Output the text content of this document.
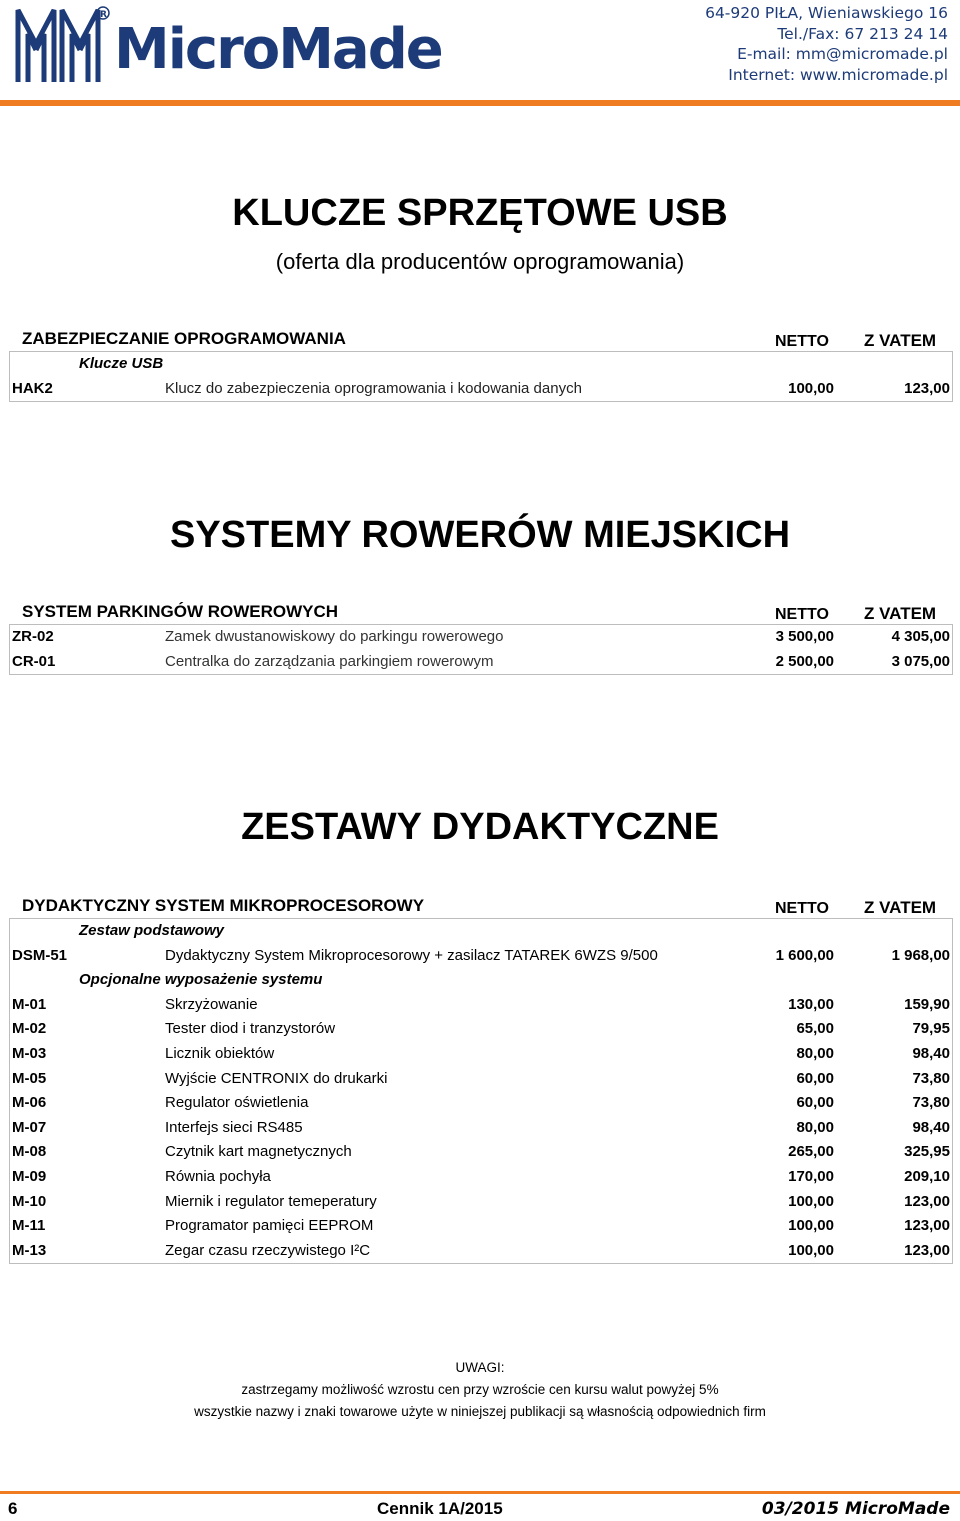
R
MicroMade
64-920 PIŁA, Wieniawskiego 16
Tel./Fax: 67 213 24 14
E-mail: mm@micromade.pl
Internet: www.micromade.pl
KLUCZE SPRZĘTOWE USB
(oferta dla producentów oprogramowania)
ZABEZPIECZANIE OPROGRAMOWANIA	NETTO Z VATEM
Klucze USB
HAK2	Klucz do zabezpieczenia oprogramowania i kodowania danych	100,00	123,00
SYSTEMY ROWERÓW MIEJSKICH
SYSTEM PARKINGÓW ROWEROWYCH	NETTO Z VATEM
ZR-02	Zamek dwustanowiskowy do parkingu rowerowego	3 500,00	4 305,00
CR-01	Centralka do zarządzania parkingiem rowerowym	2 500,00	3 075,00
ZESTAWY DYDAKTYCZNE
DYDAKTYCZNY SYSTEM MIKROPROCESOROWY	NETTO Z VATEM
Zestaw podstawowy
DSM-51	Dydaktyczny System Mikroprocesorowy + zasilacz TATAREK 6WZS 9/500	1 600,00	1 968,00
Opcjonalne wyposażenie systemu
M-01	Skrzyżowanie	130,00	159,90
M-02	Tester diod i tranzystorów	65,00	79,95
M-03	Licznik obiektów	80,00	98,40
M-05	Wyjście CENTRONIX do drukarki	60,00	73,80
M-06	Regulator oświetlenia	60,00	73,80
M-07	Interfejs sieci RS485	80,00	98,40
M-08	Czytnik kart magnetycznych	265,00	325,95
M-09	Równia pochyła	170,00	209,10
M-10	Miernik i regulator temeperatury	100,00	123,00
M-11	Programator pamięci EEPROM	100,00	123,00
M-13	Zegar czasu rzeczywistego I²C	100,00	123,00
UWAGI:
zastrzegamy możliwość wzrostu cen przy wzroście cen kursu walut powyżej 5%
wszystkie nazwy i znaki towarowe użyte w niniejszej publikacji są własnością odpowiednich firm
6	Cennik 1A/2015	03/2015 MicroMade
